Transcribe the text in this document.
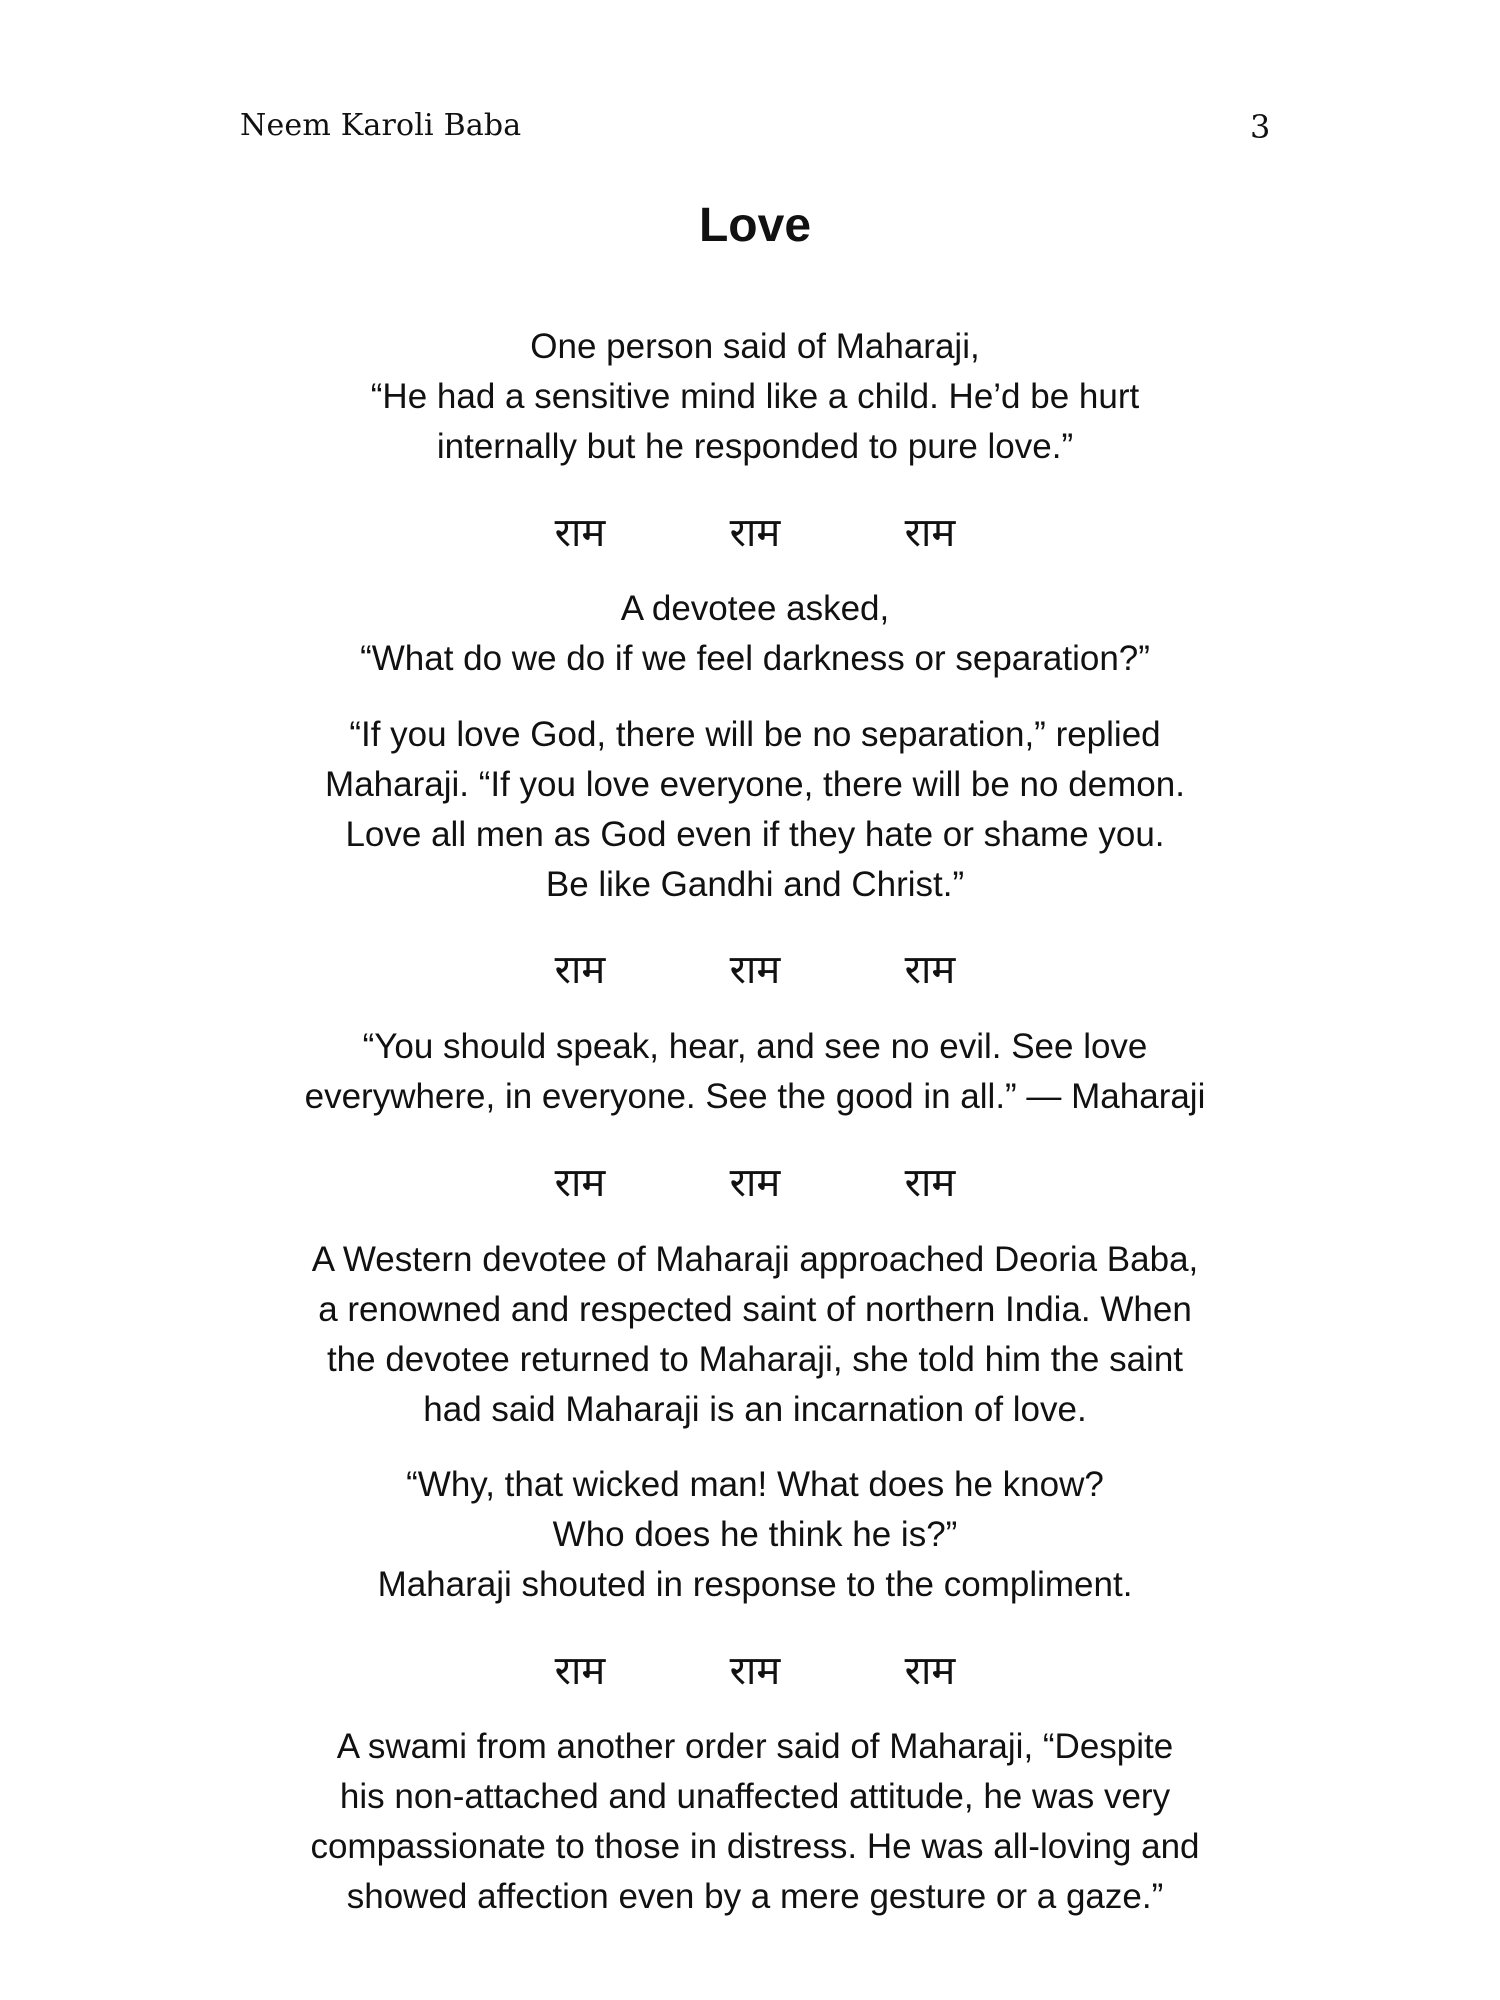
Neem Karoli Baba	3
Love

One person said of Maharaji,
“He had a sensitive mind like a child. He’d be hurt
internally but he responded to pure love.”

राम	राम	राम

A devotee asked,
“What do we do if we feel darkness or separation?”

“If you love God, there will be no separation,” replied
Maharaji. “If you love everyone, there will be no demon.
Love all men as God even if they hate or shame you.
Be like Gandhi and Christ.”

राम	राम	राम

“You should speak, hear, and see no evil. See love
everywhere, in everyone. See the good in all.” — Maharaji

राम	राम	राम

A Western devotee of Maharaji approached Deoria Baba,
a renowned and respected saint of northern India. When
the devotee returned to Maharaji, she told him the saint
had said Maharaji is an incarnation of love.

“Why, that wicked man! What does he know?
Who does he think he is?”
Maharaji shouted in response to the compliment.

राम	राम	राम

A swami from another order said of Maharaji, “Despite
his non-attached and unaffected attitude, he was very
compassionate to those in distress. He was all-loving and
showed affection even by a mere gesture or a gaze.”
